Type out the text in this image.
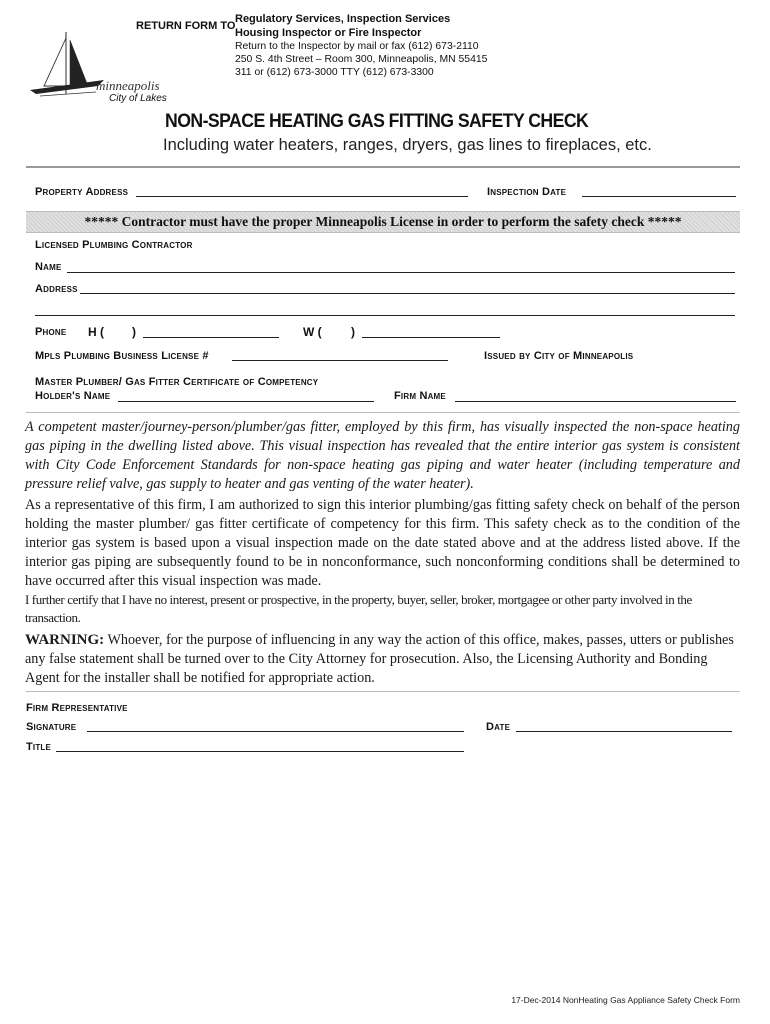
RETURN FORM TO
Regulatory Services, Inspection Services
Housing Inspector or Fire Inspector
Return to the Inspector by mail or fax (612) 673-2110
250 S. 4th Street – Room 300, Minneapolis, MN 55415
311 or (612) 673-3000 TTY (612) 673-3300
minneapolis
City of Lakes
NON-SPACE HEATING GAS FITTING SAFETY CHECK
Including water heaters, ranges, dryers, gas lines to fireplaces, etc.
Property Address	Inspection Date
***** Contractor must have the proper Minneapolis License in order to perform the safety check *****
Licensed Plumbing Contractor
Name
Address
Phone H ( )	W ( )
Mpls Plumbing Business License #	Issued by City of Minneapolis
Master Plumber/ Gas Fitter Certificate of Competency
Holder's Name	Firm Name
A competent master/journey-person/plumber/gas fitter, employed by this firm, has visually inspected the non-space heating gas piping in the dwelling listed above. This visual inspection has revealed that the entire interior gas system is consistent with City Code Enforcement Standards for non-space heating gas piping and water heater (including temperature and pressure relief valve, gas supply to heater and gas venting of the water heater).
As a representative of this firm, I am authorized to sign this interior plumbing/gas fitting safety check on behalf of the person holding the master plumber/ gas fitter certificate of competency for this firm. This safety check as to the condition of the interior gas system is based upon a visual inspection made on the date stated above and at the address listed above. If the interior gas piping are subsequently found to be in nonconformance, such nonconforming conditions shall be determined to have occurred after this visual inspection was made.
I further certify that I have no interest, present or prospective, in the property, buyer, seller, broker, mortgagee or other party involved in the transaction.
WARNING: Whoever, for the purpose of influencing in any way the action of this office, makes, passes, utters or publishes any false statement shall be turned over to the City Attorney for prosecution. Also, the Licensing Authority and Bonding Agent for the installer shall be notified for appropriate action.
Firm Representative
Signature	Date
Title
17-Dec-2014 NonHeating Gas Appliance Safety Check Form
